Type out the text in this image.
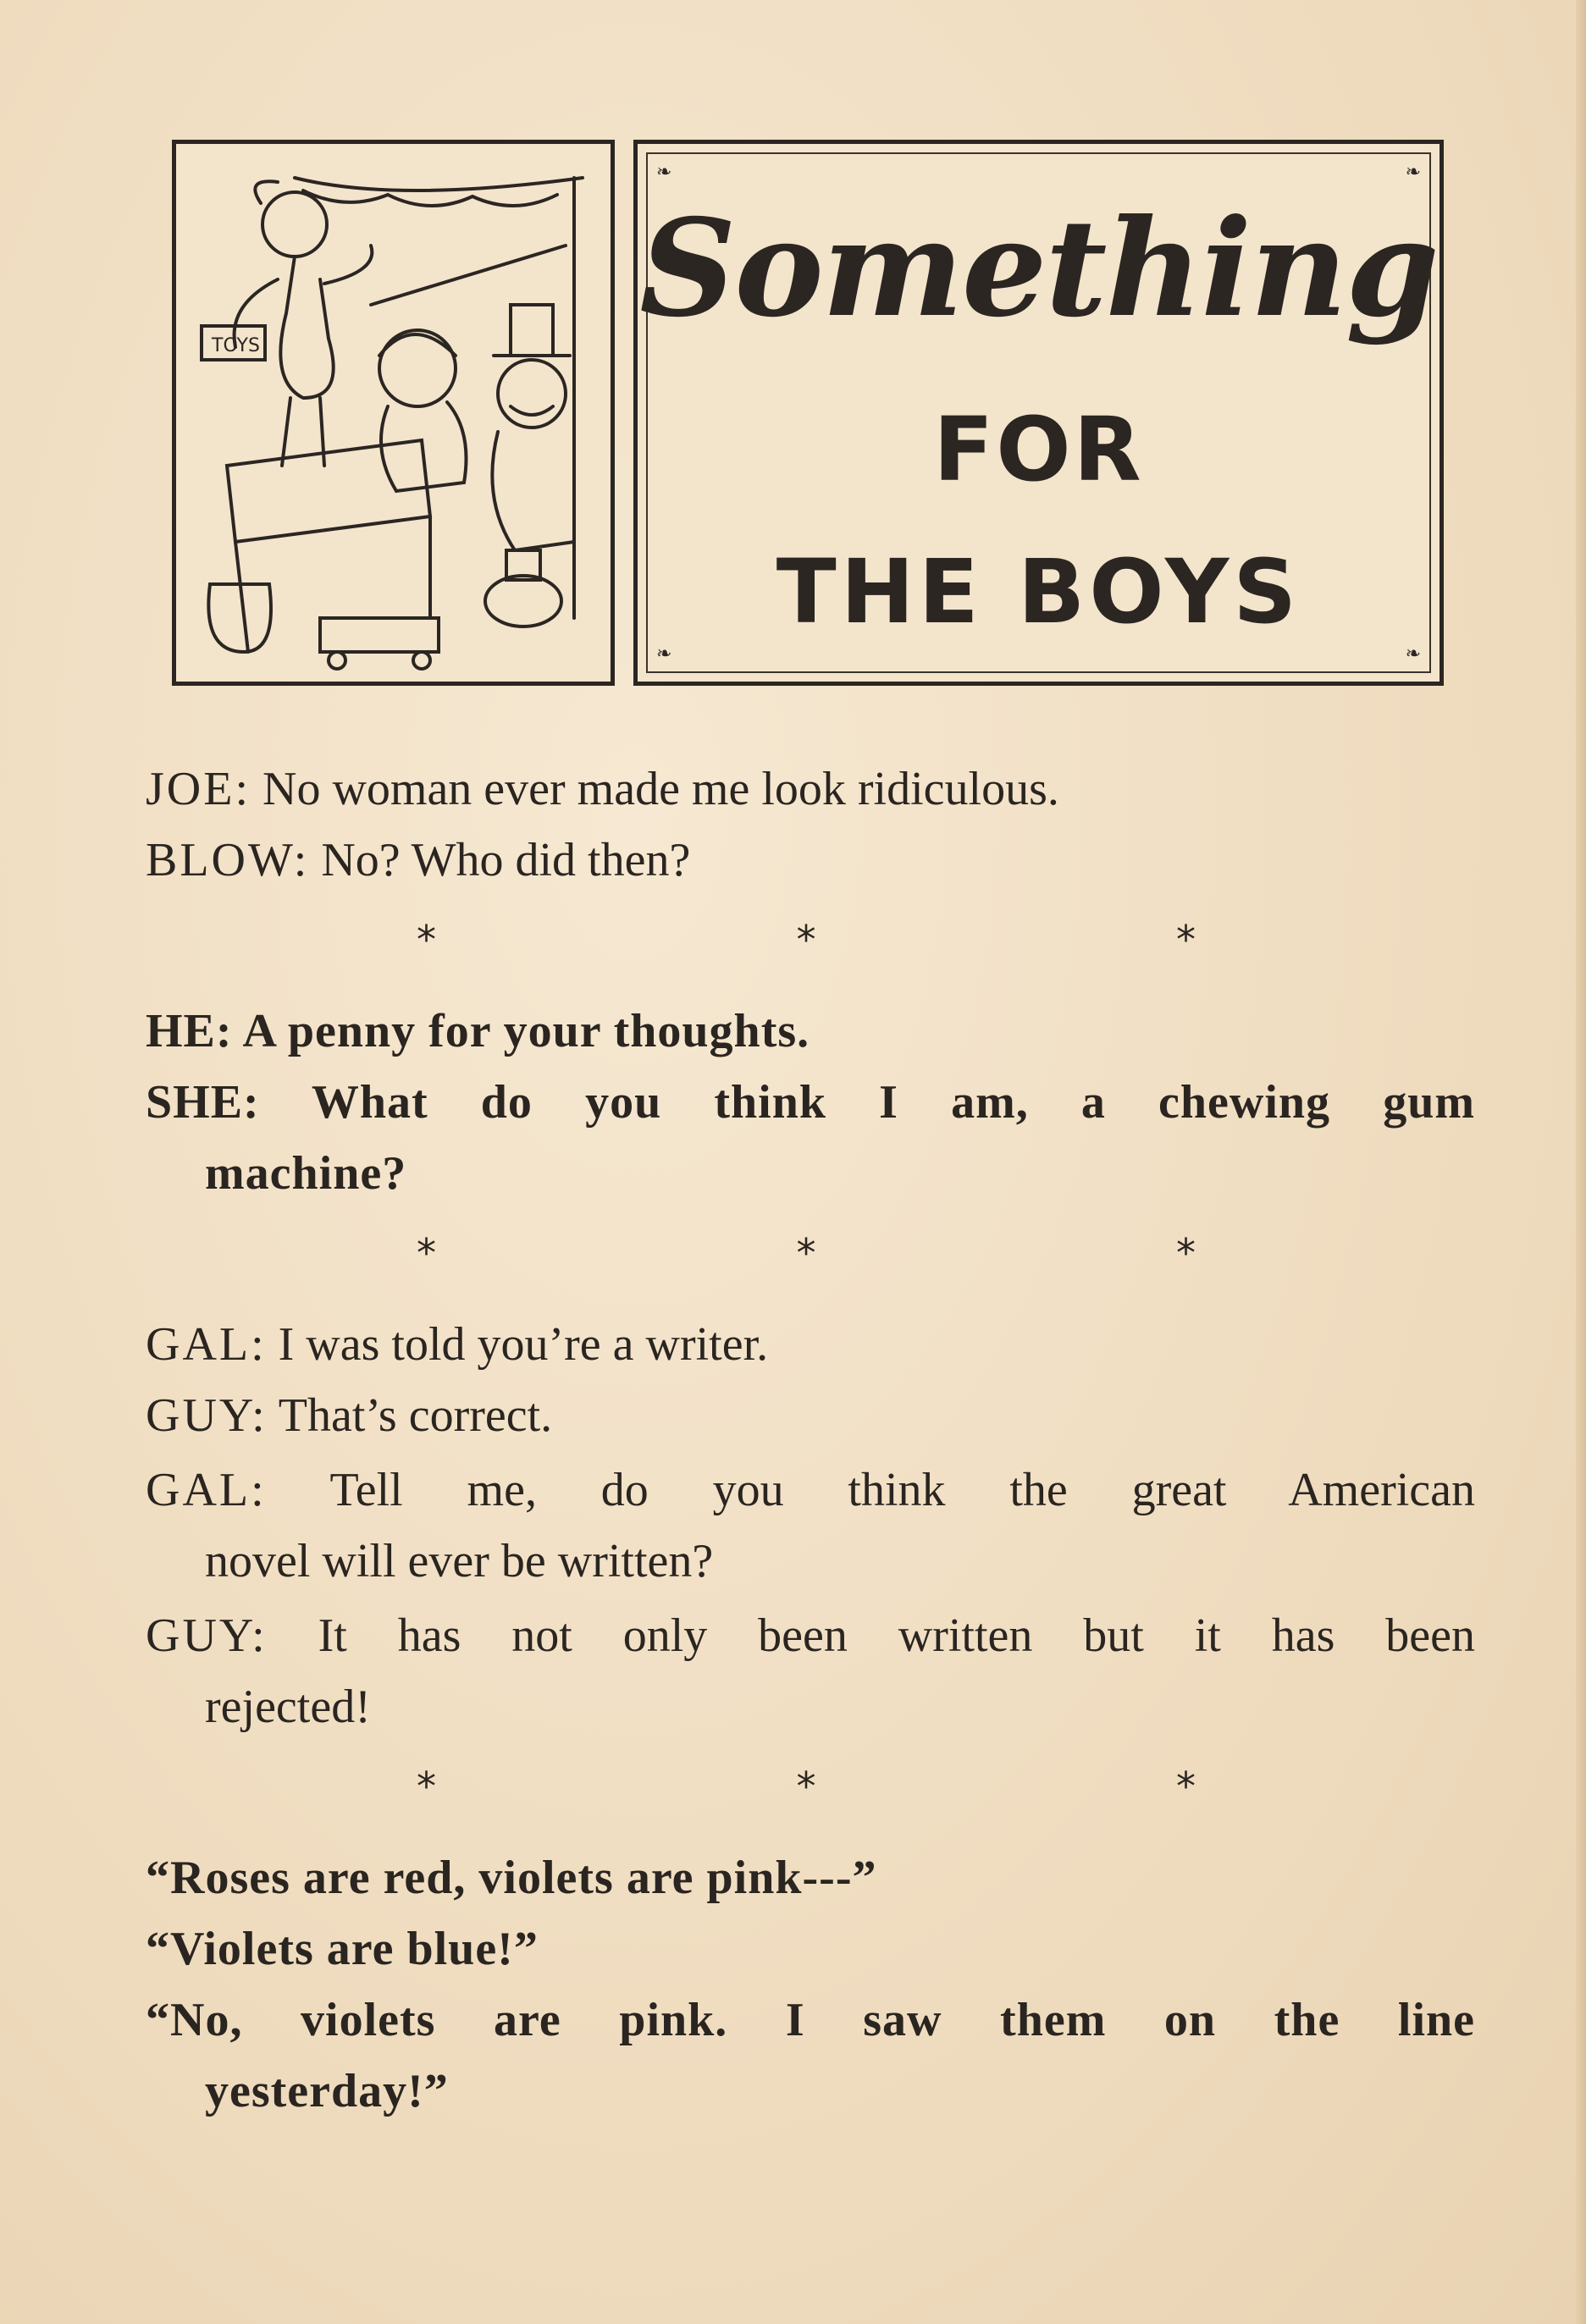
TOYS
❧	❧
❧	❧
Something
FOR
THE BOYS
JOE: No woman ever made me look ridiculous.
BLOW: No? Who did then?
*	*	*
HE: A penny for your thoughts.
SHE: What do you think I am, a chewing gum
machine?
*	*	*
GAL: I was told you’re a writer.
GUY: That’s correct.
GAL: Tell me, do you think the great American
novel will ever be written?
GUY: It has not only been written but it has been
rejected!
*	*	*
“Roses are red, violets are pink---”
“Violets are blue!”
“No, violets are pink. I saw them on the line
yesterday!”
